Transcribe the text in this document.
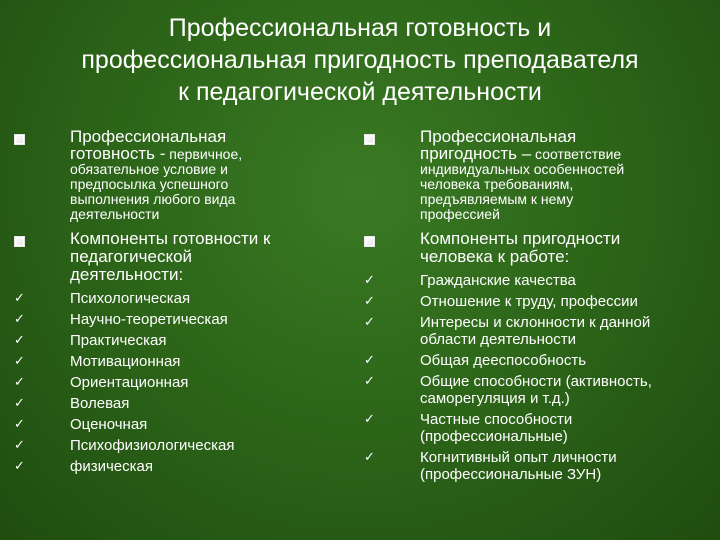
Профессиональная готовность и
профессиональная пригодность преподавателя
к педагогической деятельности
Профессиональная
готовность - первичное,
обязательное условие и
предпосылка успешного
выполнения любого вида
деятельности
Компоненты готовности к
педагогической
деятельности:
✓	Психологическая
✓	Научно-теоретическая
✓	Практическая
✓	Мотивационная
✓	Ориентационная
✓	Волевая
✓	Оценочная
✓	Психофизиологическая
✓	физическая
Профессиональная
пригодность – соответствие
индивидуальных особенностей
человека требованиям,
предъявляемым к нему
профессией
Компоненты пригодности
человека к работе:
✓	Гражданские качества
✓	Отношение к труду, профессии
✓	Интересы и склонности к данной
области деятельности
✓	Общая дееспособность
✓	Общие способности (активность,
саморегуляция и т.д.)
✓	Частные способности
(профессиональные)
✓	Когнитивный опыт личности
(профессиональные ЗУН)
